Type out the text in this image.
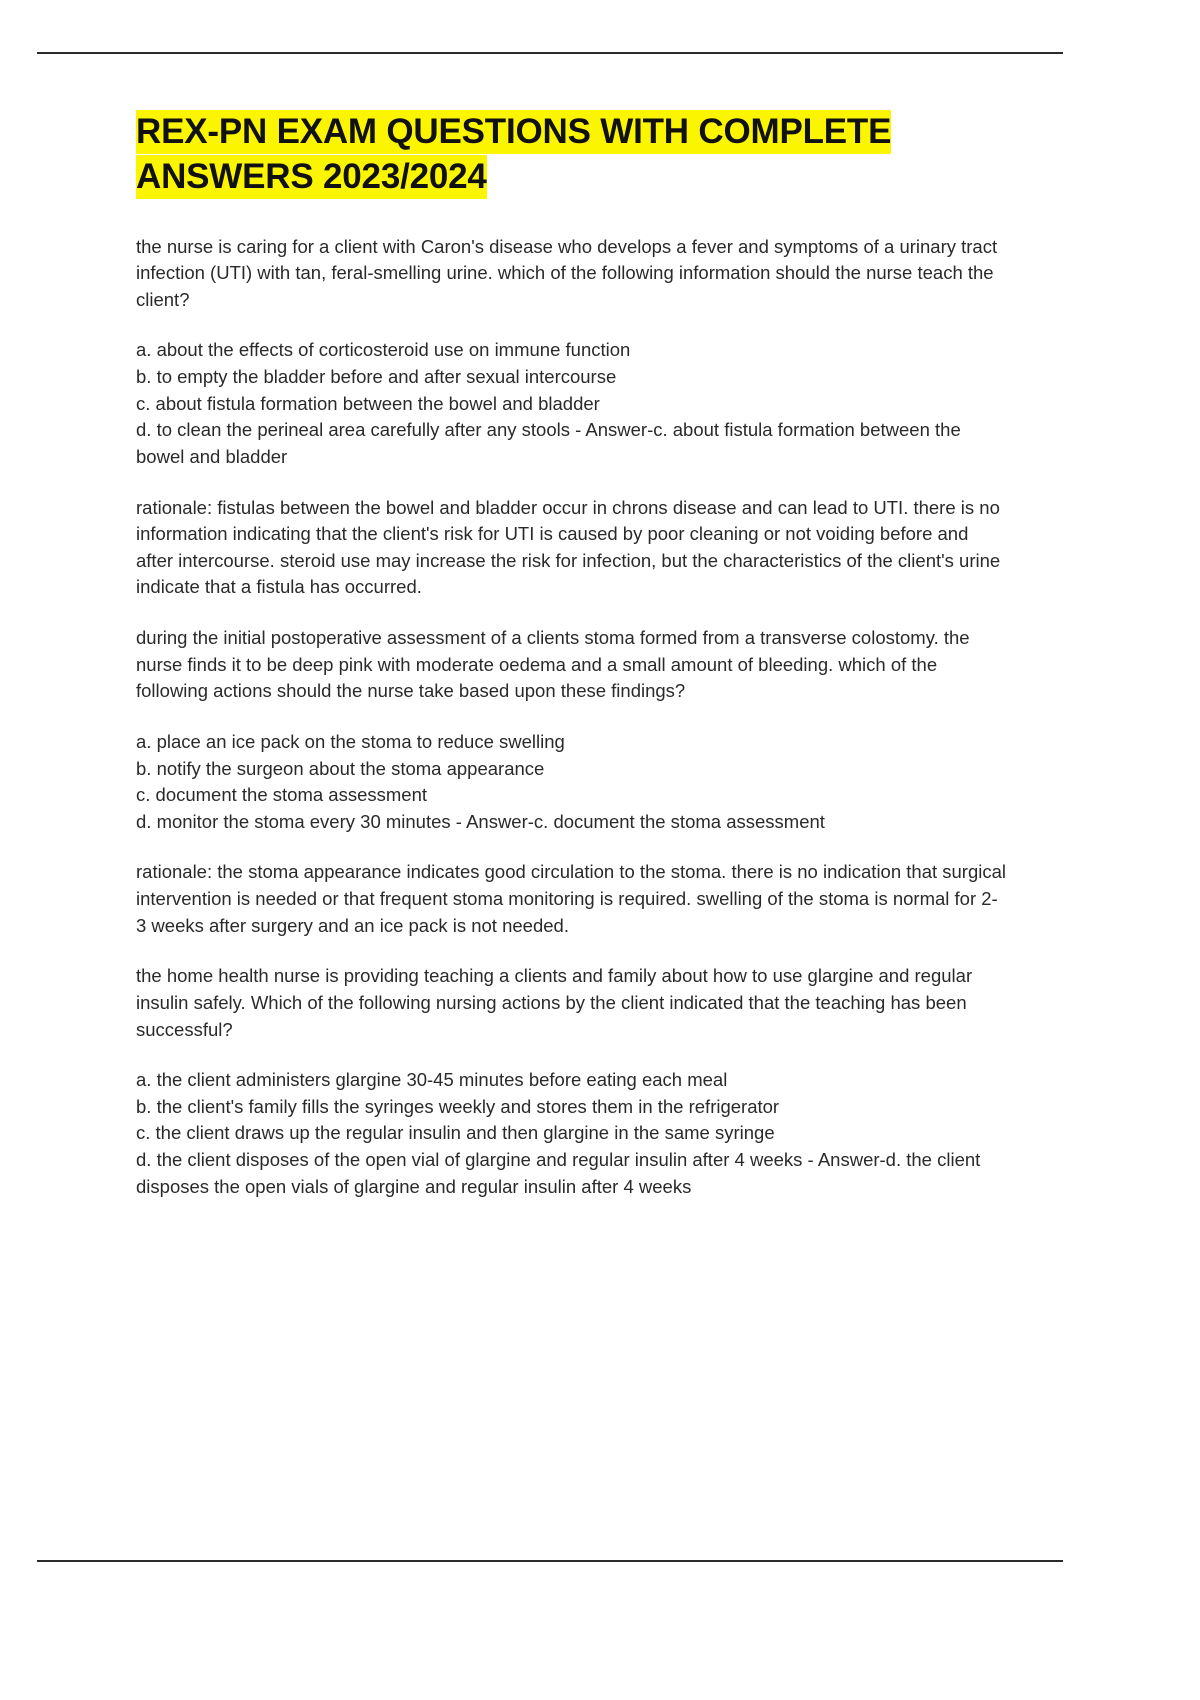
REX-PN EXAM QUESTIONS WITH COMPLETE ANSWERS 2023/2024

the nurse is caring for a client with Caron's disease who develops a fever and symptoms of a urinary tract infection (UTI) with tan, feral-smelling urine. which of the following information should the nurse teach the client?

a. about the effects of corticosteroid use on immune function
b. to empty the bladder before and after sexual intercourse
c. about fistula formation between the bowel and bladder
d. to clean the perineal area carefully after any stools - Answer-c. about fistula formation between the bowel and bladder

rationale: fistulas between the bowel and bladder occur in chrons disease and can lead to UTI. there is no information indicating that the client's risk for UTI is caused by poor cleaning or not voiding before and after intercourse. steroid use may increase the risk for infection, but the characteristics of the client's urine indicate that a fistula has occurred.

during the initial postoperative assessment of a clients stoma formed from a transverse colostomy. the nurse finds it to be deep pink with moderate oedema and a small amount of bleeding. which of the following actions should the nurse take based upon these findings?

a. place an ice pack on the stoma to reduce swelling
b. notify the surgeon about the stoma appearance
c. document the stoma assessment
d. monitor the stoma every 30 minutes - Answer-c. document the stoma assessment

rationale: the stoma appearance indicates good circulation to the stoma. there is no indication that surgical intervention is needed or that frequent stoma monitoring is required. swelling of the stoma is normal for 2-3 weeks after surgery and an ice pack is not needed.

the home health nurse is providing teaching a clients and family about how to use glargine and regular insulin safely. Which of the following nursing actions by the client indicated that the teaching has been successful?

a. the client administers glargine 30-45 minutes before eating each meal
b. the client's family fills the syringes weekly and stores them in the refrigerator
c. the client draws up the regular insulin and then glargine in the same syringe
d. the client disposes of the open vial of glargine and regular insulin after 4 weeks - Answer-d. the client disposes the open vials of glargine and regular insulin after 4 weeks
